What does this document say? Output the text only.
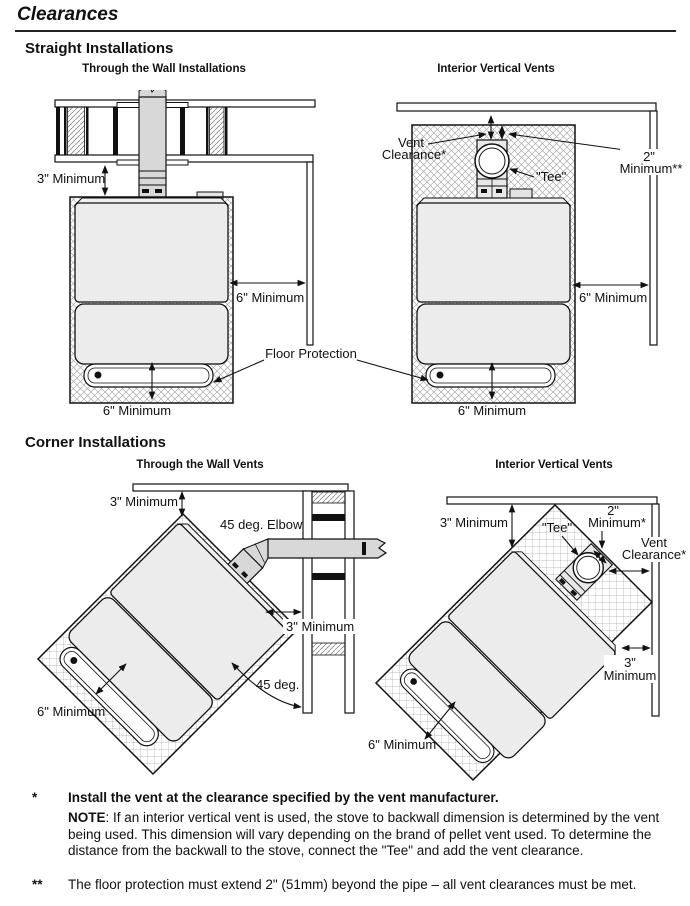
Clearances
Straight Installations
Corner Installations
Through the Wall Installations	Interior Vertical Vents
Through the Wall Vents	Interior Vertical Vents
3" Minimum
6" Minimum
6" Minimum
Vent
Clearance*
"Tee"
2"
Minimum**
6" Minimum
6" Minimum
Floor Protection
3" Minimum
45 deg. Elbow
3" Minimum
45 deg.
6" Minimum
3" Minimum	"Tee"
2"
Minimum*
Vent
Clearance*
3"
Minimum
6" Minimum
* Install the vent at the clearance specified by the vent manufacturer.
NOTE: If an interior vertical vent is used, the stove to backwall dimension is determined by the vent being used. This dimension will vary depending on the brand of pellet vent used. To determine the distance from the backwall to the stove, connect the "Tee" and add the vent clearance.
** The floor protection must extend 2" (51mm) beyond the pipe – all vent clearances must be met.
